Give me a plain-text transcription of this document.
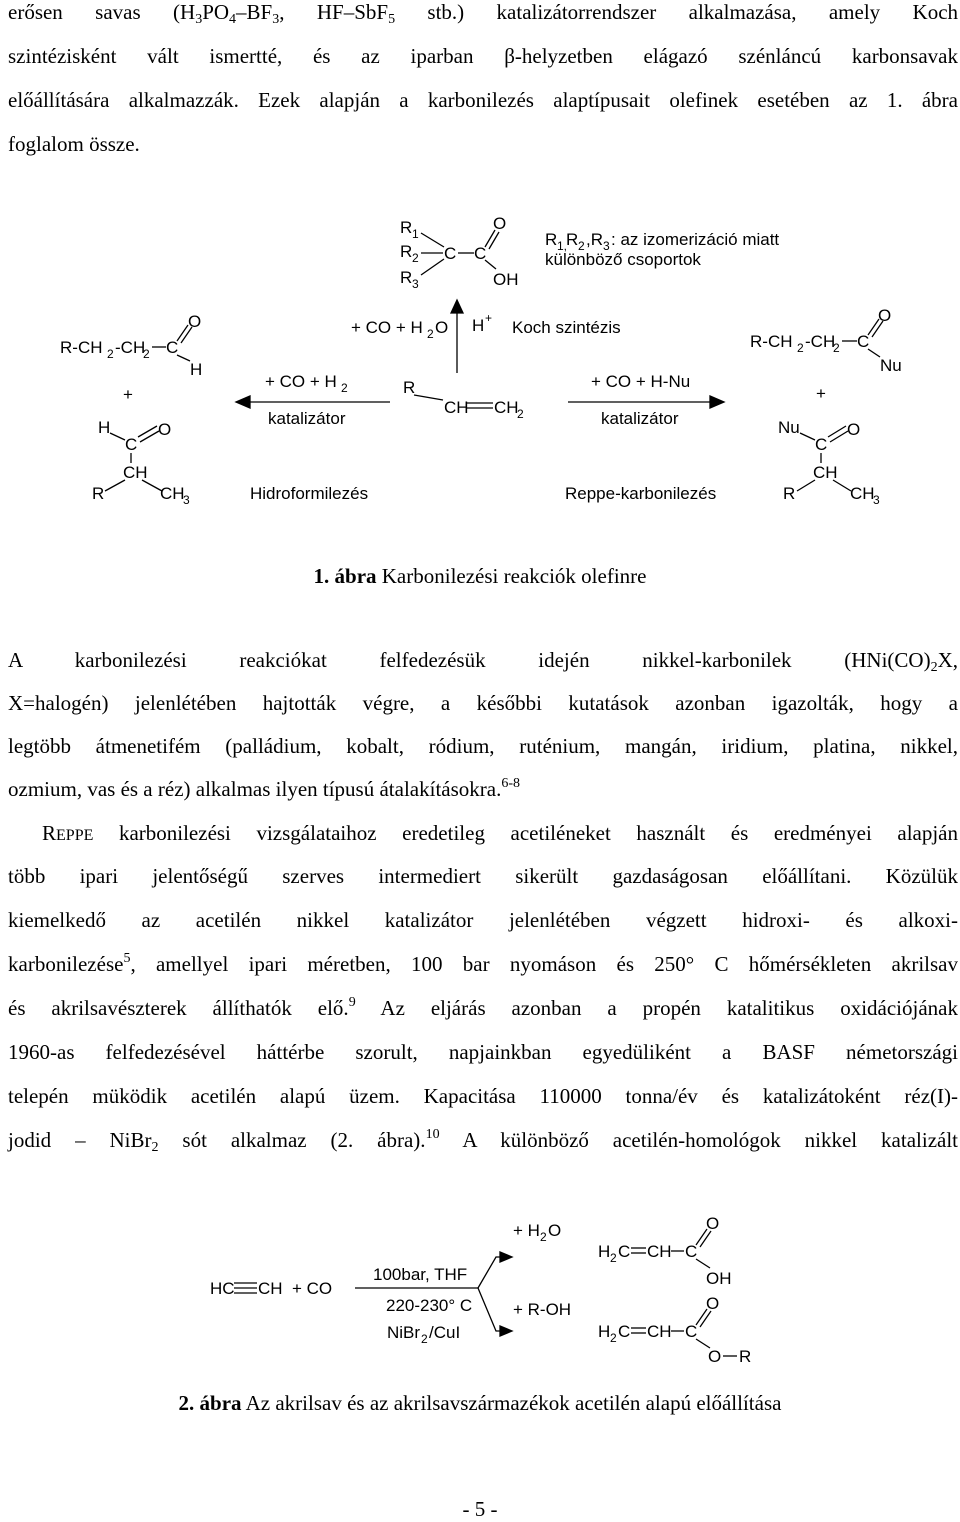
erősen savas ($H_3PO_4-BF_3$, HF–SbF$_5$ stb.) katalizátorrendszer alkalmazása, amely Koch
szintézisként vált ismertté, és az iparban β-helyzetben elágazó szénláncú karbonsavak
előállítására alkalmazzák. Ezek alapján a karbonilezés alaptípusait olefinek esetében az 1. ábra
foglalom össze.
R 1
R 2
R 3
C C
O
OH
R 1,
R 2 ,R 3 : az izomerizáció miatt
különböző csoportok
+ CO + H 2 O H + Koch szintézis
R
CH CH
2
+ CO + H 2
katalizátor
Hidroformilezés
+ CO + H-Nu
katalizátor
Reppe-karbonilezés
R-CH 2 -CH
2 C
O
H
+
H
C
O
CH
R	CH
3
R-CH 2 -CH
2 C
O
Nu
+
Nu
C
O
CH
R	CH
3
1. ábra Karbonilezési reakciók olefinre
A karbonilezési reakciókat felfedezésük idején nikkel-karbonilek ($HNi(CO)_2X$,
X=halogén) jelenlétében hajtották végre, a későbbi kutatások azonban igazolták, hogy a
legtöbb átmenetifém (palládium, kobalt, ródium, ruténium, mangán, iridium, platina, nikkel,
ozmium, vas és a réz) alkalmas ilyen típusú átalakításokra.$^{6-8}$
REPPE karbonilezési vizsgálataihoz eredetileg acetiléneket használt és eredményei alapján
több ipari jelentőségű szerves intermediert sikerült gazdaságosan előállítani. Közülük
kiemelkedő az acetilén nikkel katalizátor jelenlétében végzett hidroxi- és alkoxi-
karbonilezése$^5$, amellyel ipari méretben, 100 bar nyomáson és 250° C hőmérsékleten akrilsav
és akrilsavészterek állíthatók elő.$^9$ Az eljárás azonban a propén katalitikus oxidációjának
1960-as felfedezésével háttérbe szorult, napjainkban egyedüliként a BASF németországi
telepén müködik acetilén alapú üzem. Kapacitása 110000 tonna/év és katalizátoként réz(I)-
jodid – NiBr$_2$ sót alkalmaz (2. ábra).$^{10}$ A különböző acetilén-homológok nikkel katalizált
HC CH + CO
100bar, THF
220-230° C
NiBr 2 /CuI
+ H 2 O
+ R-OH
H 2 C CH C
O
OH
H 2 C CH C
O
O R
2. ábra Az akrilsav és az akrilsavszármazékok acetilén alapú előállítása
- 5 -
